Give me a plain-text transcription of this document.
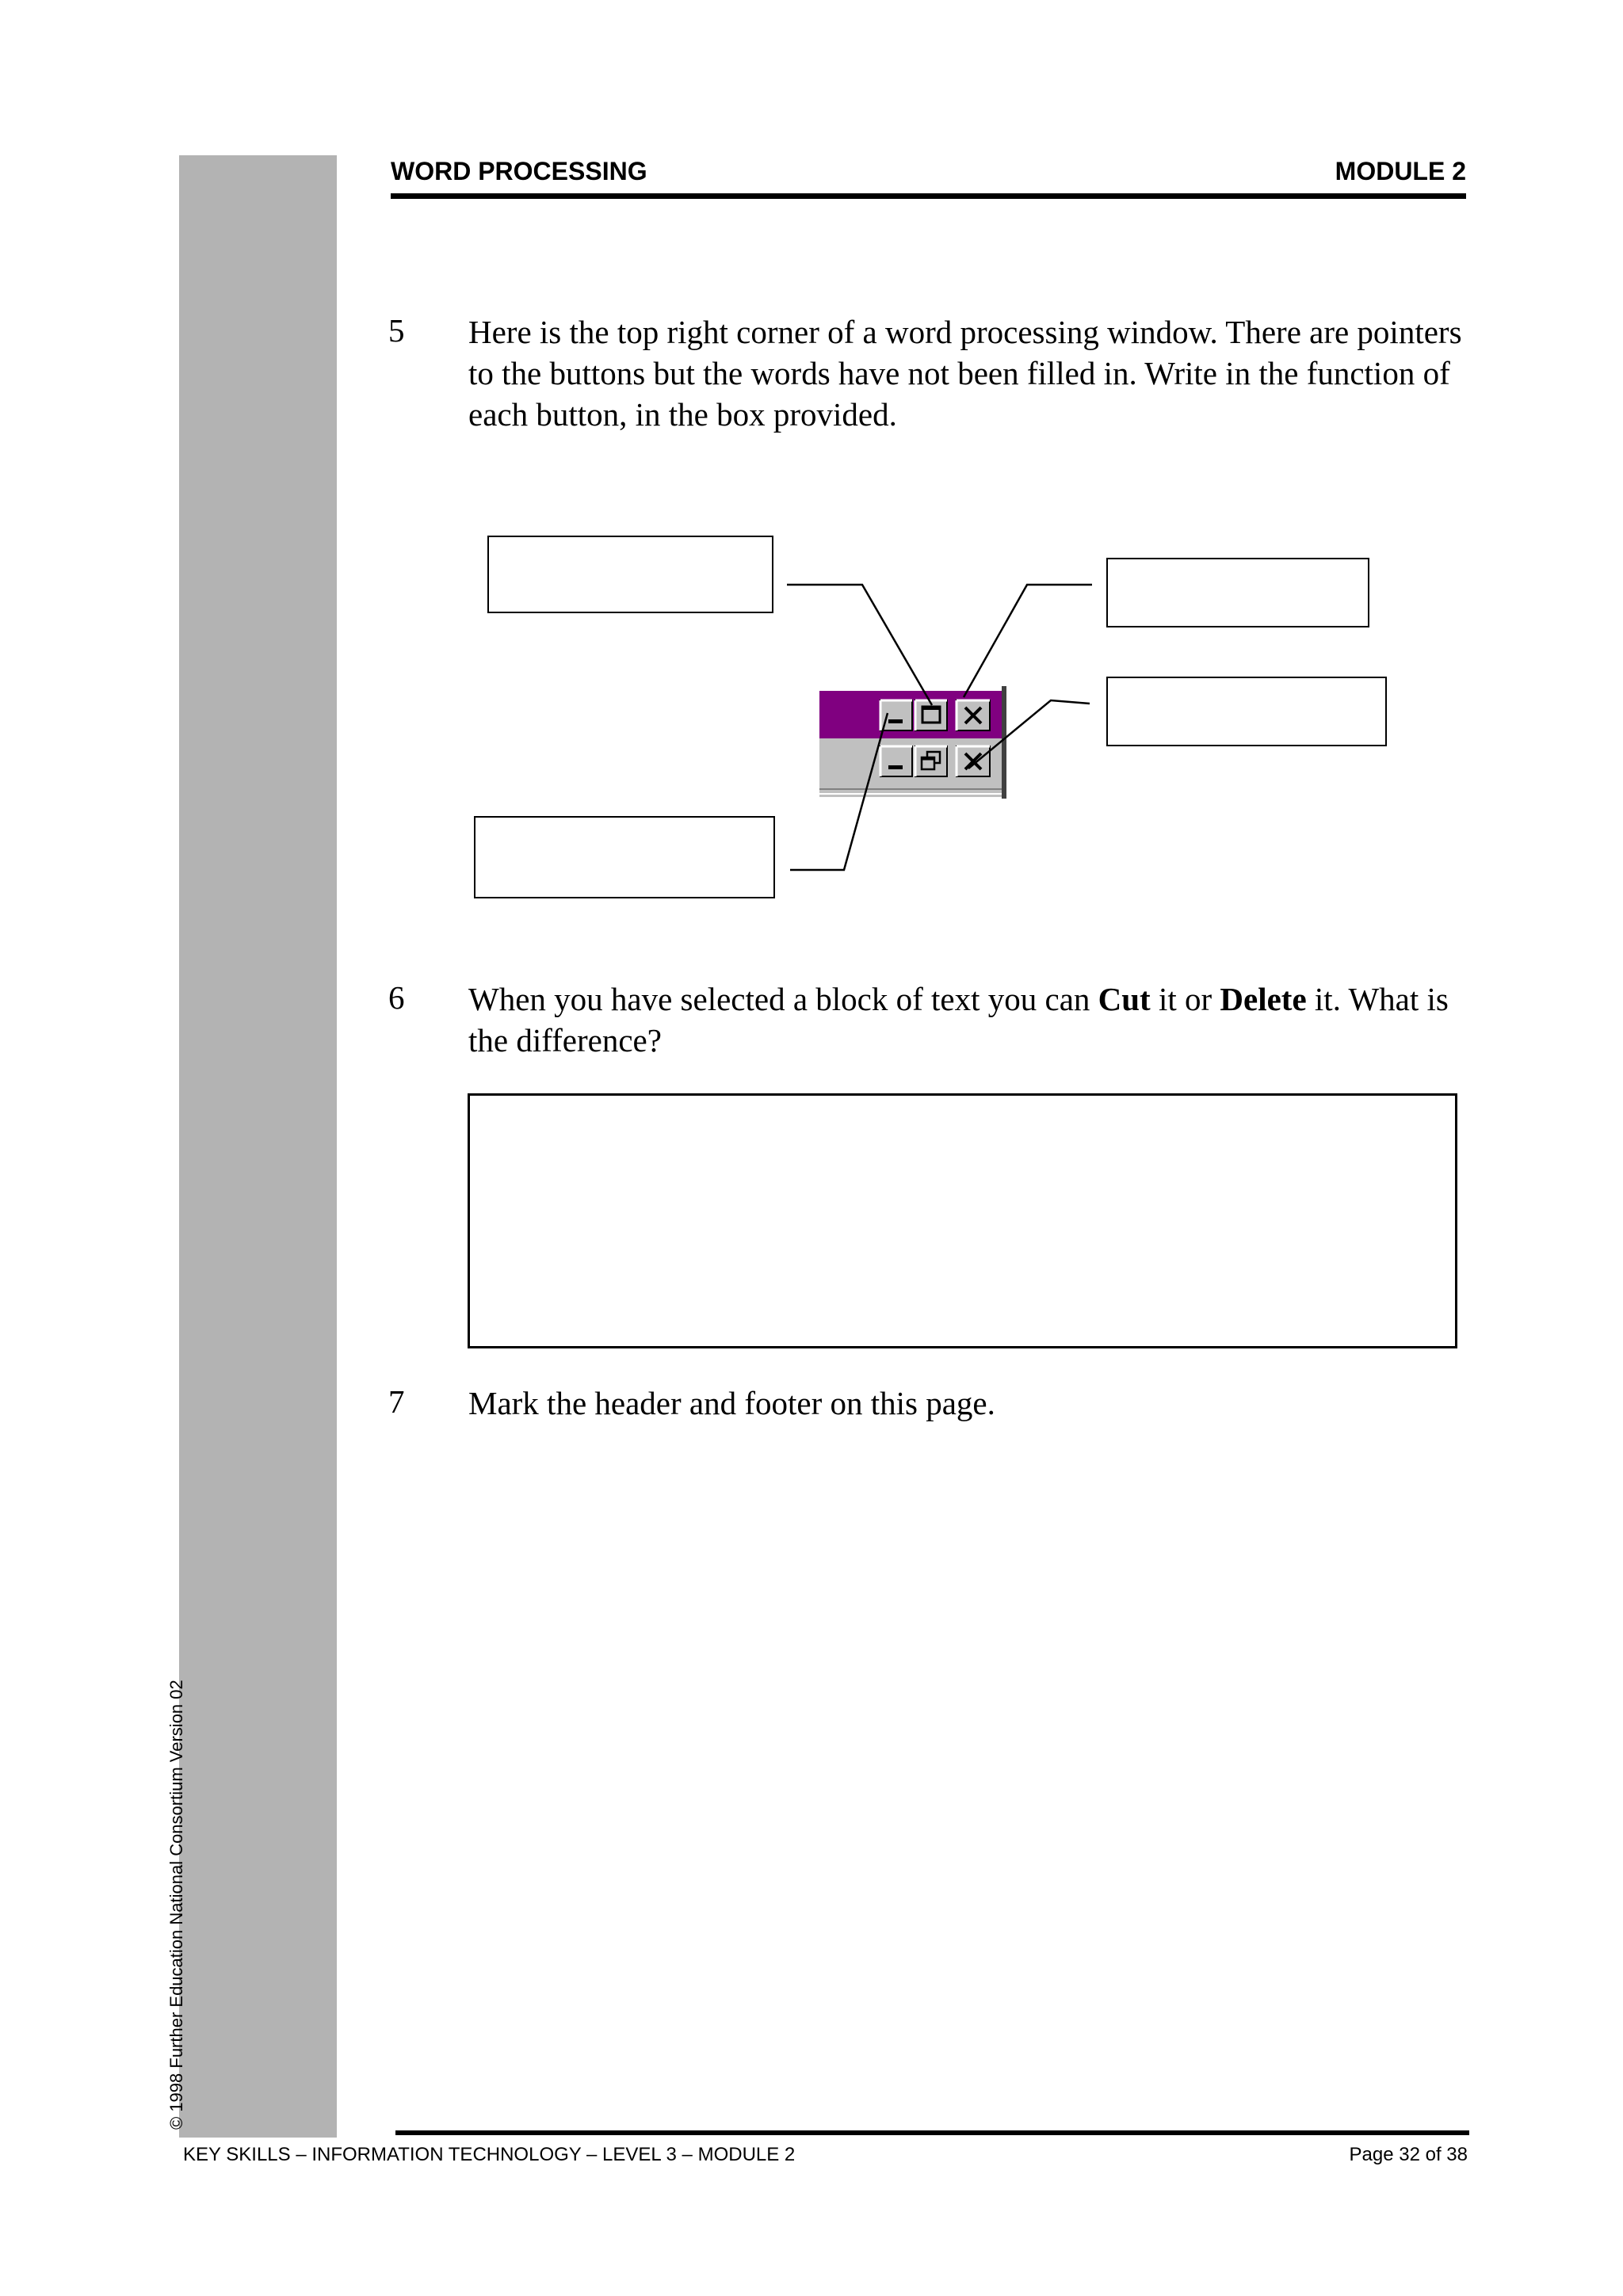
© 1998 Further Education National Consortium Version 02
WORD PROCESSING	MODULE 2
5 Here is the top right corner of a word processing window. There are pointers to the buttons but the words have not been filled in. Write in the function of each button, in the box provided.
6 When you have selected a block of text you can Cut it or Delete it. What is the difference?
7 Mark the header and footer on this page.
KEY SKILLS – INFORMATION TECHNOLOGY – LEVEL 3 – MODULE 2	Page 32 of 38
